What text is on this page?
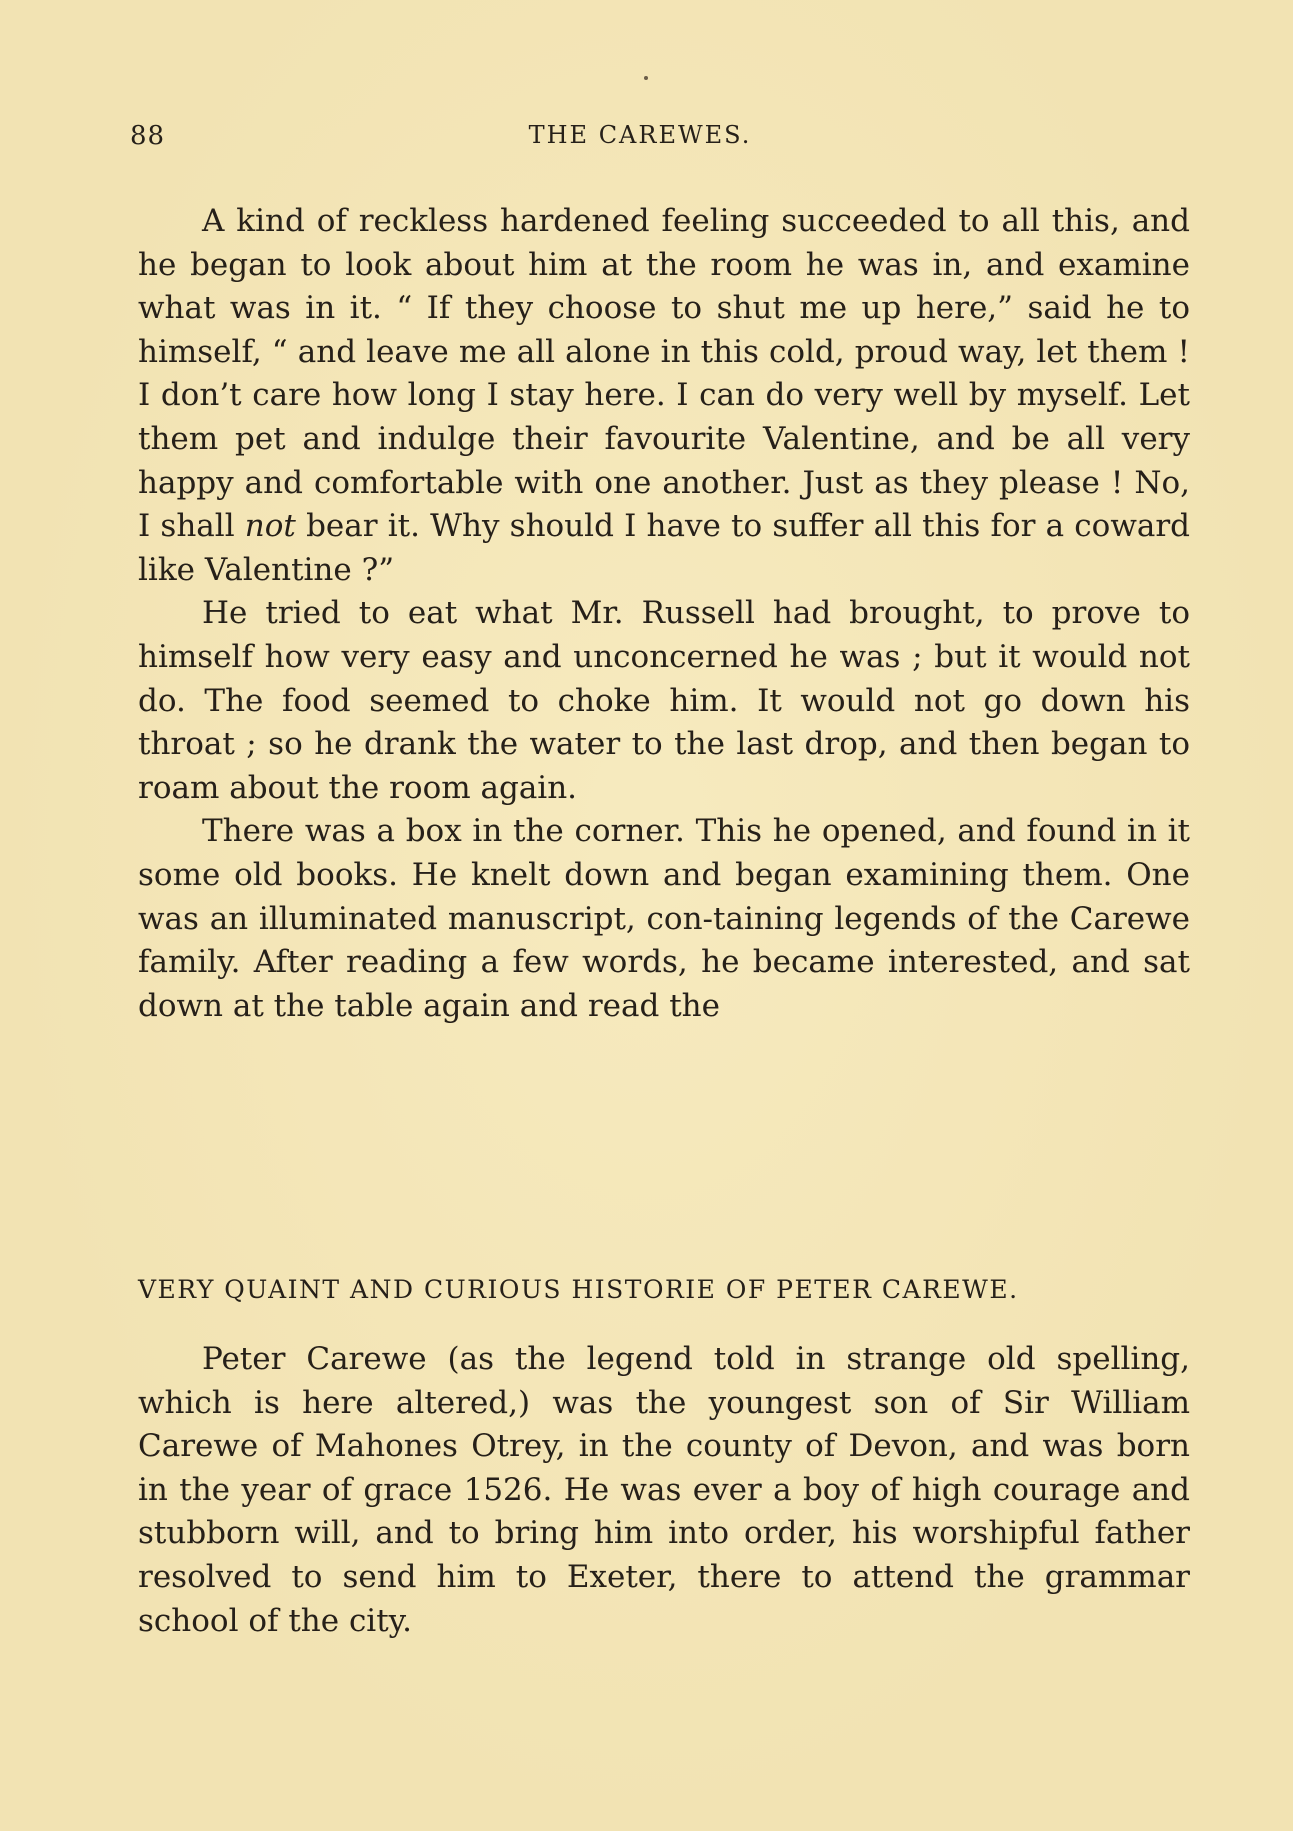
88	THE CAREWES.

A kind of reckless hardened feeling succeeded to all this, and he began to look about him at the room he was in, and examine what was in it. “ If they choose to shut me up here,” said he to himself, “ and leave me all alone in this cold, proud way, let them ! I don’t care how long I stay here. I can do very well by myself. Let them pet and indulge their favourite Valentine, and be all very happy and comfortable with one another. Just as they please ! No, I shall not bear it. Why should I have to suffer all this for a coward like Valentine ?”

He tried to eat what Mr. Russell had brought, to prove to himself how very easy and unconcerned he was ; but it would not do. The food seemed to choke him. It would not go down his throat ; so he drank the water to the last drop, and then began to roam about the room again.

There was a box in the corner. This he opened, and found in it some old books. He knelt down and began examining them. One was an illuminated manuscript, con-taining legends of the Carewe family. After reading a few words, he became interested, and sat down at the table again and read the

VERY QUAINT AND CURIOUS HISTORIE OF PETER CAREWE.

Peter Carewe (as the legend told in strange old spelling, which is here altered,) was the youngest son of Sir William Carewe of Mahones Otrey, in the county of Devon, and was born in the year of grace 1526. He was ever a boy of high courage and stubborn will, and to bring him into order, his worshipful father resolved to send him to Exeter, there to attend the grammar school of the city.
